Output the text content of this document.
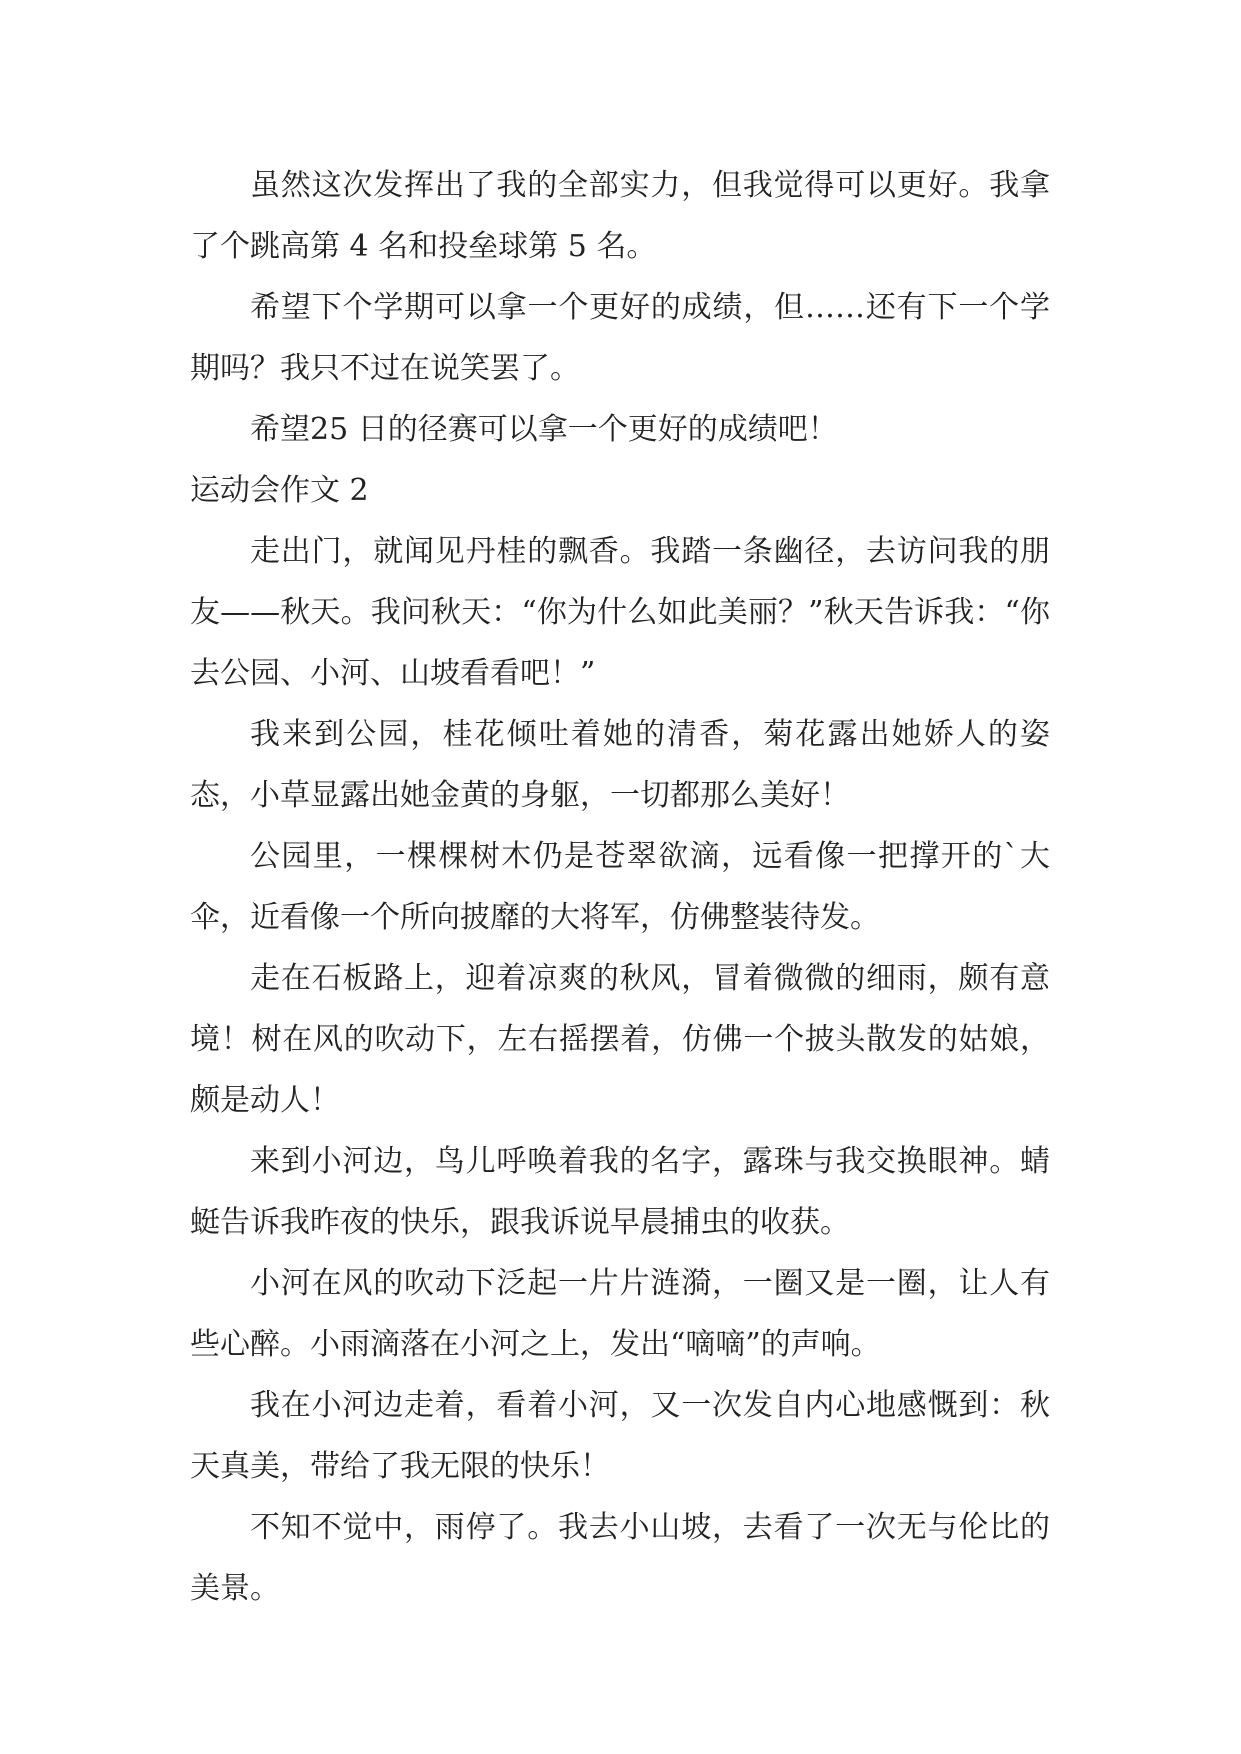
虽然这次发挥出了我的全部实力，但我觉得可以更好。我拿了个跳高第 4 名和投垒球第 5 名。

希望下个学期可以拿一个更好的成绩，但……还有下一个学期吗？我只不过在说笑罢了。

希望25 日的径赛可以拿一个更好的成绩吧！

运动会作文 2

走出门，就闻见丹桂的飘香。我踏一条幽径，去访问我的朋友——秋天。我问秋天：“你为什么如此美丽？”秋天告诉我：“你去公园、小河、山坡看看吧！”

我来到公园，桂花倾吐着她的清香，菊花露出她娇人的姿态，小草显露出她金黄的身躯，一切都那么美好！

公园里，一棵棵树木仍是苍翠欲滴，远看像一把撑开的`大伞，近看像一个所向披靡的大将军，仿佛整装待发。

走在石板路上，迎着凉爽的秋风，冒着微微的细雨，颇有意境！树在风的吹动下，左右摇摆着，仿佛一个披头散发的姑娘，颇是动人！

来到小河边，鸟儿呼唤着我的名字，露珠与我交换眼神。蜻蜓告诉我昨夜的快乐，跟我诉说早晨捕虫的收获。

小河在风的吹动下泛起一片片涟漪，一圈又是一圈，让人有些心醉。小雨滴落在小河之上，发出“嘀嘀”的声响。

我在小河边走着，看着小河，又一次发自内心地感慨到：秋天真美，带给了我无限的快乐！

不知不觉中，雨停了。我去小山坡，去看了一次无与伦比的美景。
